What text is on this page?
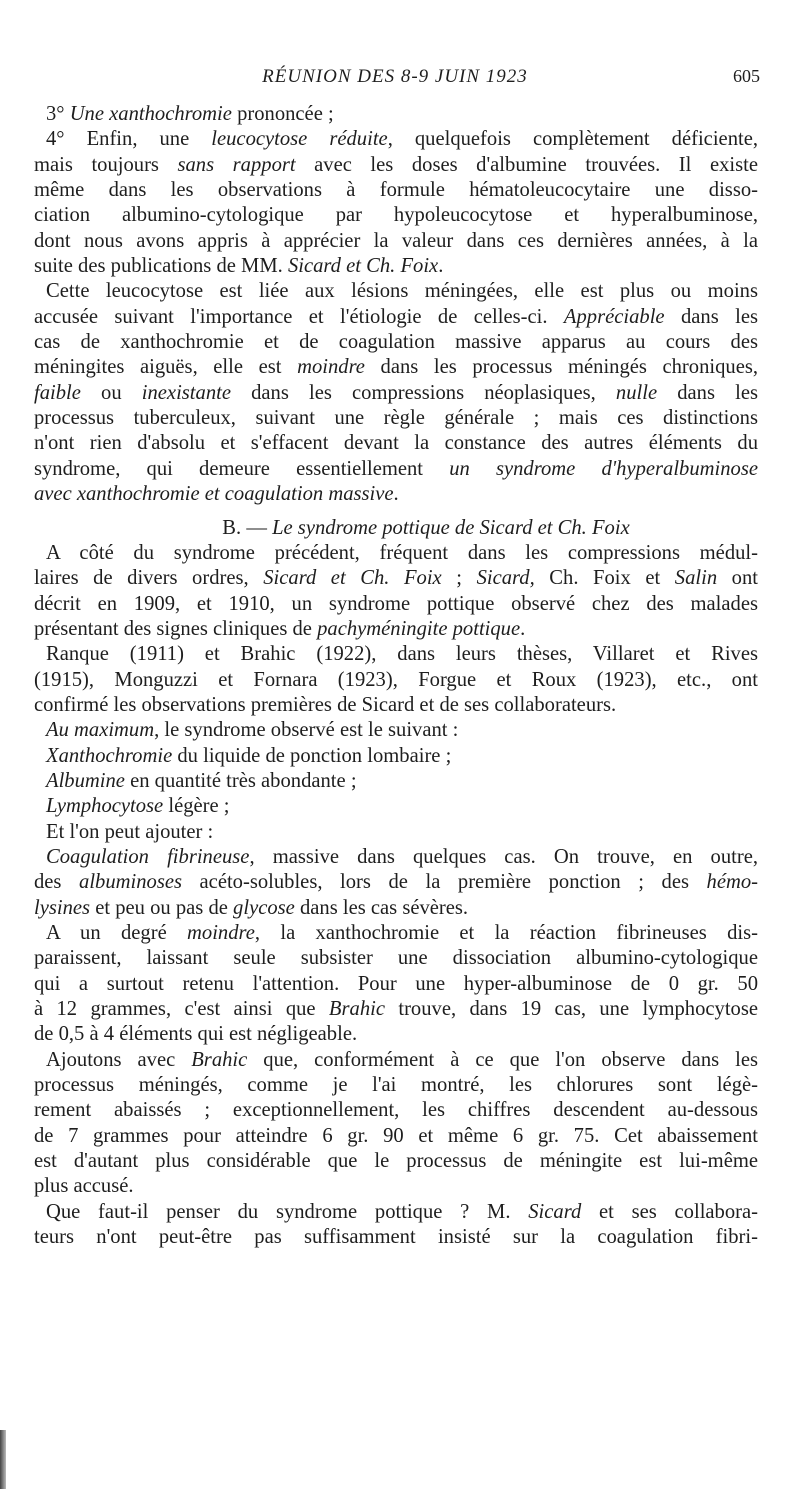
RÉUNION DES 8-9 JUIN 1923	605
3° Une xanthochromie prononcée ;
4° Enfin, une leucocytose réduite, quelquefois complètement déficiente,
mais toujours sans rapport avec les doses d'albumine trouvées. Il existe
même dans les observations à formule hématoleucocytaire une disso-
ciation albumino-cytologique par hypoleucocytose et hyperalbuminose,
dont nous avons appris à apprécier la valeur dans ces dernières années, à la
suite des publications de MM. Sicard et Ch. Foix.
Cette leucocytose est liée aux lésions méningées, elle est plus ou moins
accusée suivant l'importance et l'étiologie de celles-ci. Appréciable dans les
cas de xanthochromie et de coagulation massive apparus au cours des
méningites aiguës, elle est moindre dans les processus méningés chroniques,
faible ou inexistante dans les compressions néoplasiques, nulle dans les
processus tuberculeux, suivant une règle générale ; mais ces distinctions
n'ont rien d'absolu et s'effacent devant la constance des autres éléments du
syndrome, qui demeure essentiellement un syndrome d'hyperalbuminose
avec xanthochromie et coagulation massive.
B. — Le syndrome pottique de Sicard et Ch. Foix
A côté du syndrome précédent, fréquent dans les compressions médul-
laires de divers ordres, Sicard et Ch. Foix ; Sicard, Ch. Foix et Salin ont
décrit en 1909, et 1910, un syndrome pottique observé chez des malades
présentant des signes cliniques de pachyméningite pottique.
Ranque (1911) et Brahic (1922), dans leurs thèses, Villaret et Rives
(1915), Monguzzi et Fornara (1923), Forgue et Roux (1923), etc., ont
confirmé les observations premières de Sicard et de ses collaborateurs.
Au maximum, le syndrome observé est le suivant :
Xanthochromie du liquide de ponction lombaire ;
Albumine en quantité très abondante ;
Lymphocytose légère ;
Et l'on peut ajouter :
Coagulation fibrineuse, massive dans quelques cas. On trouve, en outre,
des albuminoses acéto-solubles, lors de la première ponction ; des hémo-
lysines et peu ou pas de glycose dans les cas sévères.
A un degré moindre, la xanthochromie et la réaction fibrineuses dis-
paraissent, laissant seule subsister une dissociation albumino-cytologique
qui a surtout retenu l'attention. Pour une hyper-albuminose de 0 gr. 50
à 12 grammes, c'est ainsi que Brahic trouve, dans 19 cas, une lymphocytose
de 0,5 à 4 éléments qui est négligeable.
Ajoutons avec Brahic que, conformément à ce que l'on observe dans les
processus méningés, comme je l'ai montré, les chlorures sont légè-
rement abaissés ; exceptionnellement, les chiffres descendent au-dessous
de 7 grammes pour atteindre 6 gr. 90 et même 6 gr. 75. Cet abaissement
est d'autant plus considérable que le processus de méningite est lui-même
plus accusé.
Que faut-il penser du syndrome pottique ? M. Sicard et ses collabora-
teurs n'ont peut-être pas suffisamment insisté sur la coagulation fibri-
